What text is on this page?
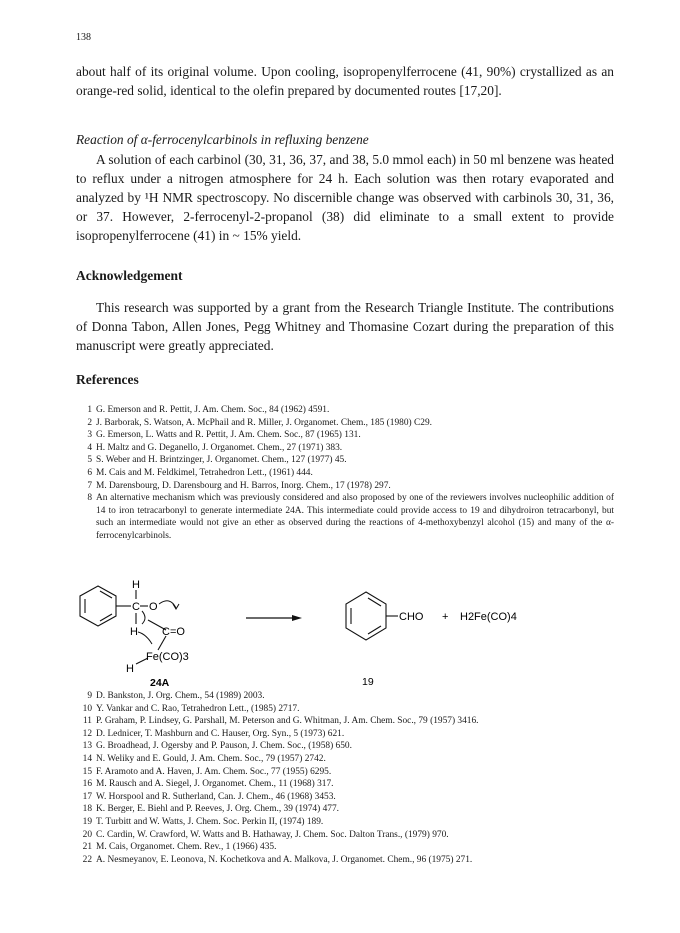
138

about half of its original volume. Upon cooling, isopropenylferrocene (41, 90%) crystallized as an orange-red solid, identical to the olefin prepared by documented routes [17,20].

Reaction of α-ferrocenylcarbinols in refluxing benzene

A solution of each carbinol (30, 31, 36, 37, and 38, 5.0 mmol each) in 50 ml benzene was heated to reflux under a nitrogen atmosphere for 24 h. Each solution was then rotary evaporated and analyzed by ¹H NMR spectroscopy. No discernible change was observed with carbinols 30, 31, 36, or 37. However, 2-ferrocenyl-2-propanol (38) did eliminate to a small extent to provide isopropenylferrocene (41) in ~ 15% yield.

Acknowledgement

This research was supported by a grant from the Research Triangle Institute. The contributions of Donna Tabon, Allen Jones, Pegg Whitney and Thomasine Cozart during the preparation of this manuscript were greatly appreciated.

References
1 G. Emerson and R. Pettit, J. Am. Chem. Soc., 84 (1962) 4591.
2 J. Barborak, S. Watson, A. McPhail and R. Miller, J. Organomet. Chem., 185 (1980) C29.
3 G. Emerson, L. Watts and R. Pettit, J. Am. Chem. Soc., 87 (1965) 131.
4 H. Maltz and G. Deganello, J. Organomet. Chem., 27 (1971) 383.
5 S. Weber and H. Brintzinger, J. Organomet. Chem., 127 (1977) 45.
6 M. Cais and M. Feldkimel, Tetrahedron Lett., (1961) 444.
7 M. Darensbourg, D. Darensbourg and H. Barros, Inorg. Chem., 17 (1978) 297.
8 An alternative mechanism which was previously considered and also proposed by one of the reviewers involves nucleophilic addition of 14 to iron tetracarbonyl to generate intermediate 24A. This intermediate could provide access to 19 and dihydroiron tetracarbonyl, but such an intermediate would not give an ether as observed during the reactions of 4-methoxybenzyl alcohol (15) and many of the α-ferrocenylcarbinols.
H
C O
C=O
H
H
Fe(CO)3
CHO + H2Fe(CO)4
24A	19
9 D. Bankston, J. Org. Chem., 54 (1989) 2003.
10 Y. Vankar and C. Rao, Tetrahedron Lett., (1985) 2717.
11 P. Graham, P. Lindsey, G. Parshall, M. Peterson and G. Whitman, J. Am. Chem. Soc., 79 (1957) 3416.
12 D. Lednicer, T. Mashburn and C. Hauser, Org. Syn., 5 (1973) 621.
13 G. Broadhead, J. Ogersby and P. Pauson, J. Chem. Soc., (1958) 650.
14 N. Weliky and E. Gould, J. Am. Chem. Soc., 79 (1957) 2742.
15 F. Aramoto and A. Haven, J. Am. Chem. Soc., 77 (1955) 6295.
16 M. Rausch and A. Siegel, J. Organomet. Chem., 11 (1968) 317.
17 W. Horspool and R. Sutherland, Can. J. Chem., 46 (1968) 3453.
18 K. Berger, E. Biehl and P. Reeves, J. Org. Chem., 39 (1974) 477.
19 T. Turbitt and W. Watts, J. Chem. Soc. Perkin II, (1974) 189.
20 C. Cardin, W. Crawford, W. Watts and B. Hathaway, J. Chem. Soc. Dalton Trans., (1979) 970.
21 M. Cais, Organomet. Chem. Rev., 1 (1966) 435.
22 A. Nesmeyanov, E. Leonova, N. Kochetkova and A. Malkova, J. Organomet. Chem., 96 (1975) 271.
